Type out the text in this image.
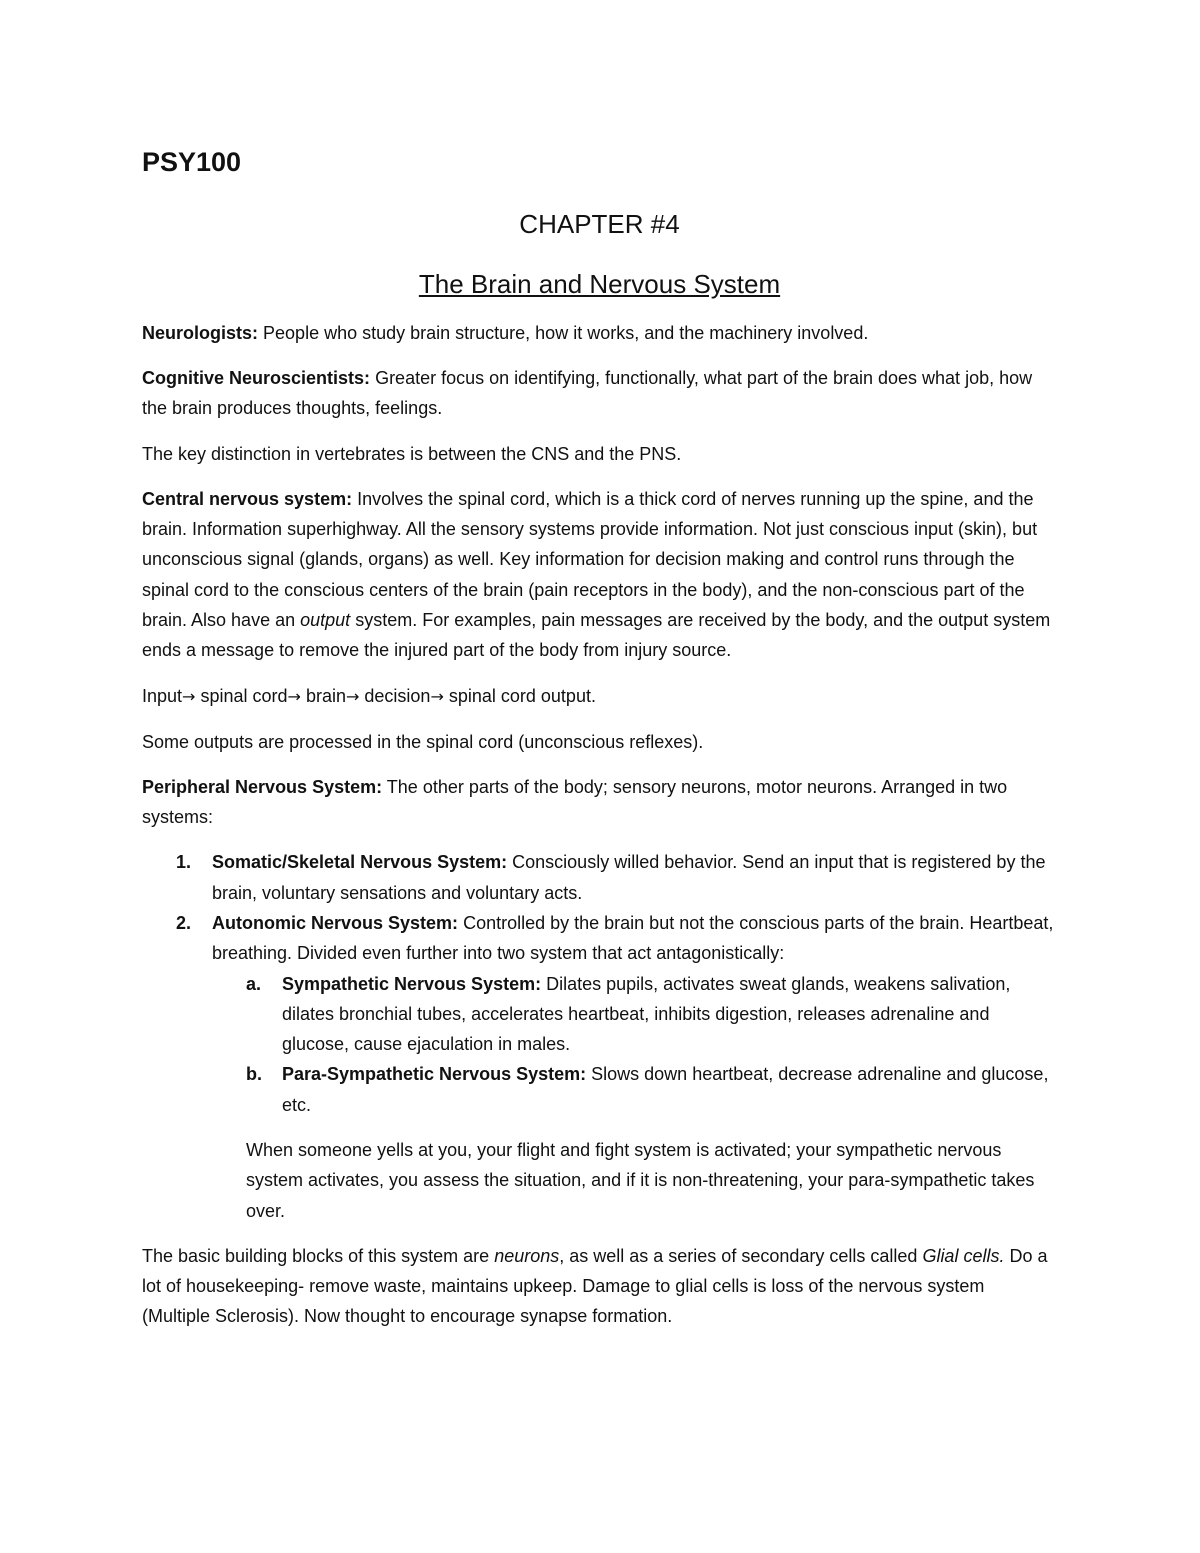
PSY100
CHAPTER #4
The Brain and Nervous System

Neurologists: People who study brain structure, how it works, and the machinery involved.

Cognitive Neuroscientists: Greater focus on identifying, functionally, what part of the brain does what job, how the brain produces thoughts, feelings.

The key distinction in vertebrates is between the CNS and the PNS.

Central nervous system: Involves the spinal cord, which is a thick cord of nerves running up the spine, and the brain. Information superhighway. All the sensory systems provide information. Not just conscious input (skin), but unconscious signal (glands, organs) as well. Key information for decision making and control runs through the spinal cord to the conscious centers of the brain (pain receptors in the body), and the non-conscious part of the brain. Also have an output system. For examples, pain messages are received by the body, and the output system ends a message to remove the injured part of the body from injury source.

Input→ spinal cord→ brain→ decision→ spinal cord output.

Some outputs are processed in the spinal cord (unconscious reflexes).

Peripheral Nervous System: The other parts of the body; sensory neurons, motor neurons. Arranged in two systems:

1. Somatic/Skeletal Nervous System: Consciously willed behavior. Send an input that is registered by the brain, voluntary sensations and voluntary acts.
2. Autonomic Nervous System: Controlled by the brain but not the conscious parts of the brain. Heartbeat, breathing. Divided even further into two system that act antagonistically:
a. Sympathetic Nervous System: Dilates pupils, activates sweat glands, weakens salivation, dilates bronchial tubes, accelerates heartbeat, inhibits digestion, releases adrenaline and glucose, cause ejaculation in males.
b. Para-Sympathetic Nervous System: Slows down heartbeat, decrease adrenaline and glucose, etc.

When someone yells at you, your flight and fight system is activated; your sympathetic nervous system activates, you assess the situation, and if it is non-threatening, your para-sympathetic takes over.

The basic building blocks of this system are neurons, as well as a series of secondary cells called Glial cells. Do a lot of housekeeping- remove waste, maintains upkeep. Damage to glial cells is loss of the nervous system (Multiple Sclerosis). Now thought to encourage synapse formation.
